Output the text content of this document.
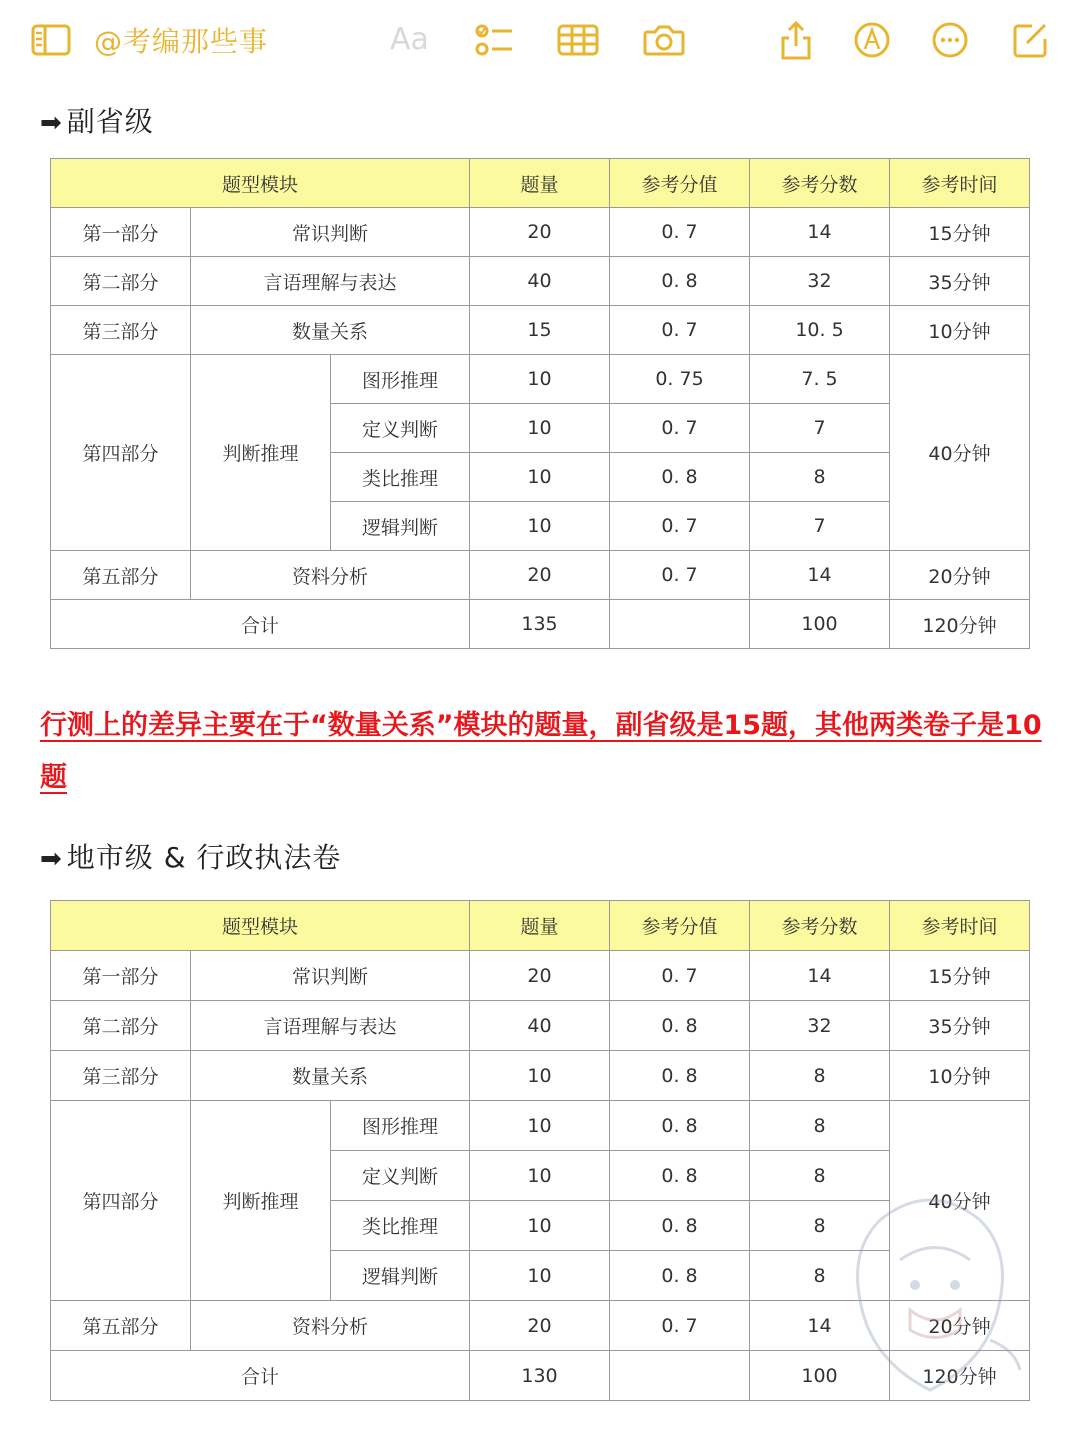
@考编那些事	Aa
➡ 副省级
题型模块			题量	参考分值	参考分数	参考时间
第一部分	常识判断		20	0. 7	14	15分钟
第二部分	言语理解与表达		40	0. 8	32	35分钟
第三部分	数量关系		15	0. 7	10. 5	10分钟
第四部分	判断推理	图形推理	10	0. 75	7. 5	40分钟
		定义判断	10	0. 7	7	
		类比推理	10	0. 8	8	
		逻辑判断	10	0. 7	7	
第五部分	资料分析		20	0. 7	14	20分钟
合计			135		100	120分钟
行测上的差异主要在于“数量关系”模块的题量，副省级是15题，其他两类卷子是10题
➡ 地市级 & 行政执法卷
题型模块			题量	参考分值	参考分数	参考时间
第一部分	常识判断		20	0. 7	14	15分钟
第二部分	言语理解与表达		40	0. 8	32	35分钟
第三部分	数量关系		10	0. 8	8	10分钟
第四部分	判断推理	图形推理	10	0. 8	8	40分钟
		定义判断	10	0. 8	8	
		类比推理	10	0. 8	8	
		逻辑判断	10	0. 8	8	
第五部分	资料分析		20	0. 7	14	20分钟
合计			130		100	120分钟
